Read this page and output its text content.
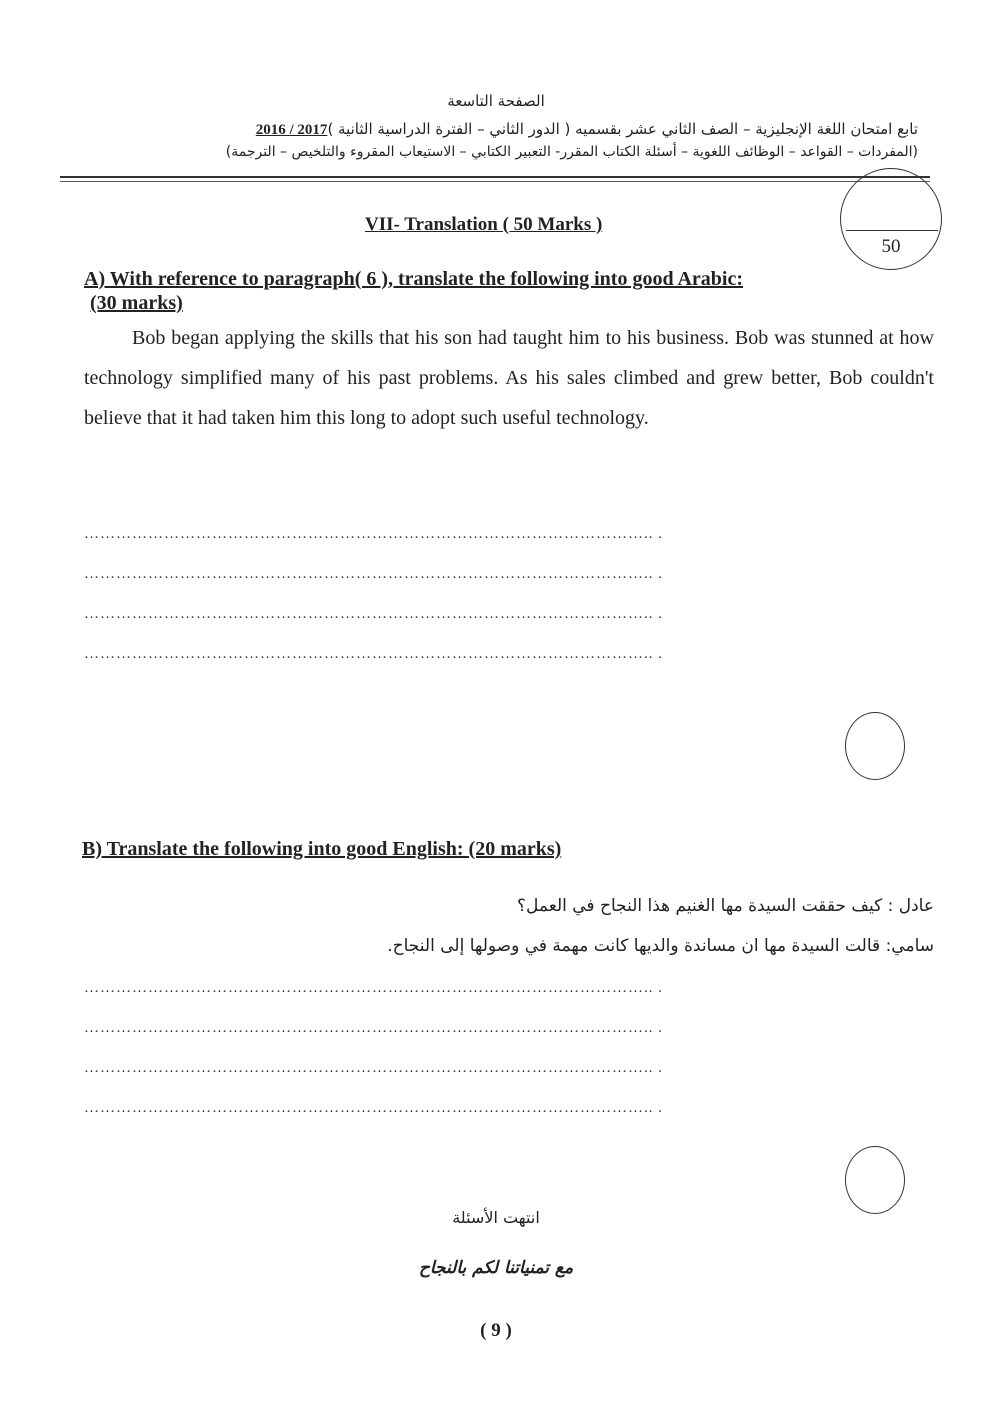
الصفحة التاسعة
تابع امتحان اللغة الإنجليزية – الصف الثاني عشر بقسميه ( الدور الثاني – الفترة الدراسية الثانية )2016 / 2017
(المفردات – القواعد – الوظائف اللغوية – أسئلة الكتاب المقرر- التعبير الكتابي – الاستيعاب المقروء والتلخيص – الترجمة)
50
VII- Translation ( 50 Marks )
A) With reference to paragraph( 6 ), translate the following into good Arabic:
(30 marks)
Bob began applying the skills that his son had taught him to his business. Bob was stunned at how technology simplified many of his past problems. As his sales climbed and grew better, Bob couldn't believe that it had taken him this long to adopt such useful technology.
…………………………………………………………………………………………….. .
…………………………………………………………………………………………….. .
…………………………………………………………………………………………….. .
…………………………………………………………………………………………….. .
B) Translate the following into good English: (20 marks)
عادل : كيف حققت السيدة مها الغنيم هذا النجاح في العمل؟
سامي: قالت السيدة مها ان مساندة والديها كانت مهمة في وصولها إلى النجاح.
…………………………………………………………………………………………….. .
…………………………………………………………………………………………….. .
…………………………………………………………………………………………….. .
…………………………………………………………………………………………….. .
انتهت الأسئلة
مع تمنياتنا لكم بالنجاح
( 9 )
